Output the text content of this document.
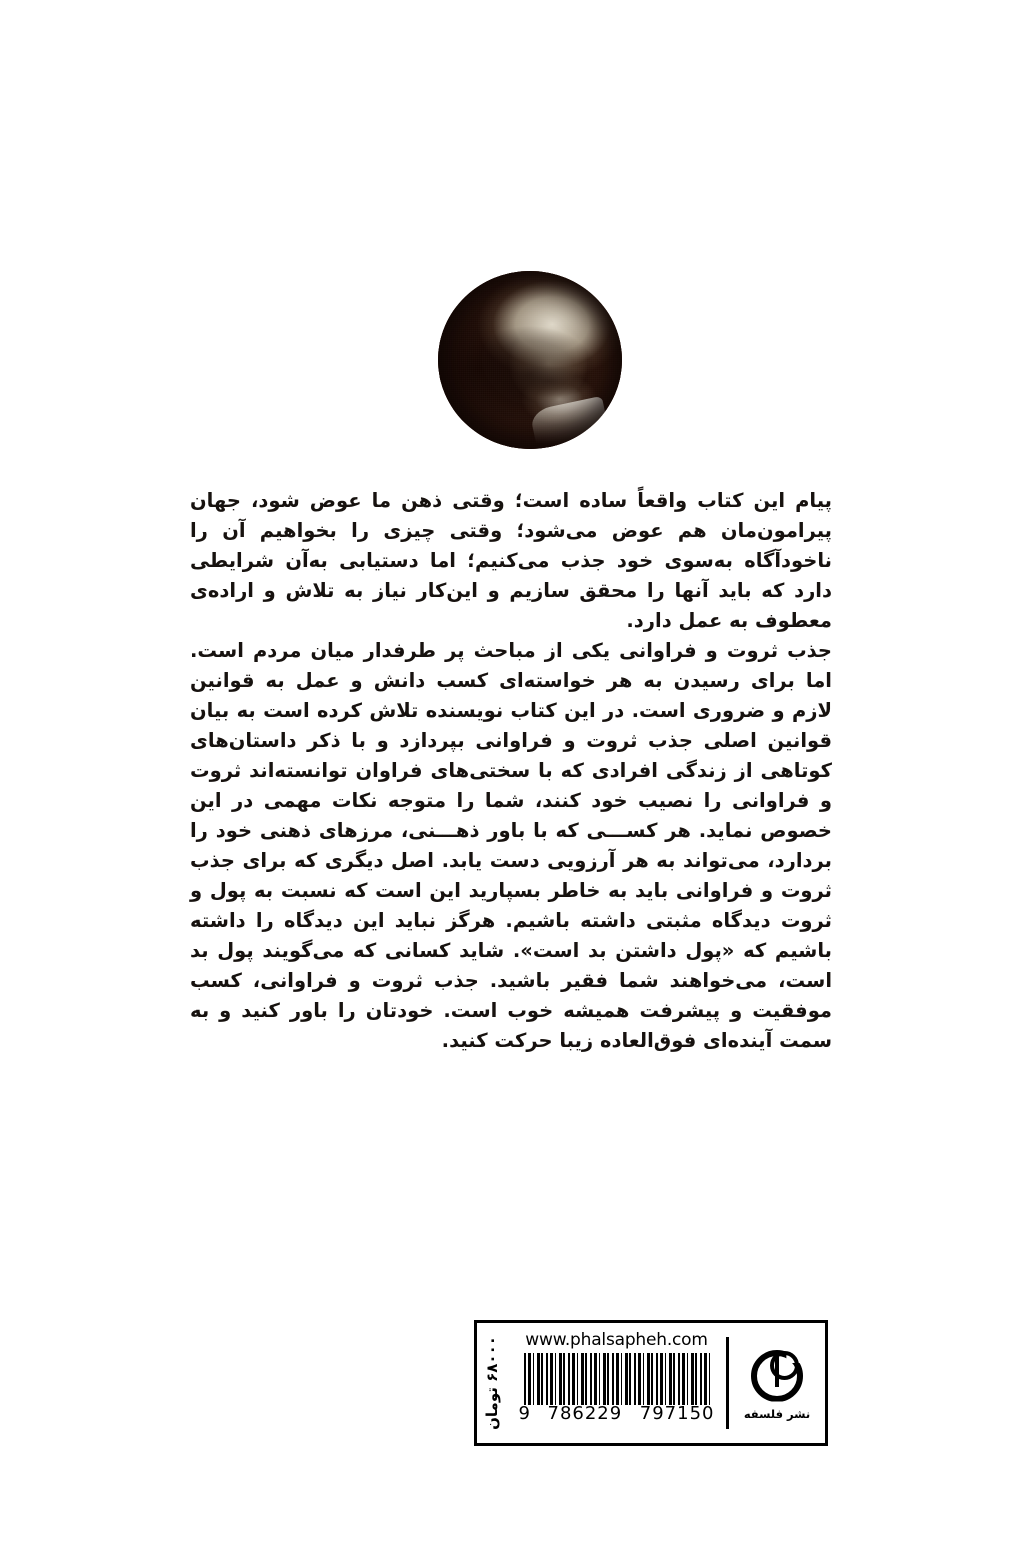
پیام این کتاب واقعاً ساده است؛ وقتی ذهن ما عوض شود، جهان پیرامون‌مان هم عوض می‌شود؛ وقتی چیزی را بخواهیم آن را ناخودآگاه به‌سوی خود جذب می‌کنیم؛ اما دستیابی به‌آن شرایطی دارد که باید آنها را محقق سازیم و این‌کار نیاز به تلاش و اراده‌ی معطوف به عمل دارد.

جذب ثروت و فراوانی یکی از مباحث پر طرفدار میان مردم است. اما برای رسیدن به هر خواسته‌ای کسب دانش و عمل به قوانین لازم و ضروری است. در این کتاب نویسنده تلاش کرده است به بیان قوانین اصلی جذب ثروت و فراوانی بپردازد و با ذکر داستان‌های کوتاهی از زندگی افرادی که با سختی‌های فراوان توانسته‌اند ثروت و فراوانی را نصیب خود کنند، شما را متوجه نکات مهمی در این خصوص نماید. هر کســـی که با باور ذهـــنی، مرزهای ذهنی خود را بردارد، می‌تواند به هر آرزویی دست یابد. اصل دیگری که برای جذب ثروت و فراوانی باید به خاطر بسپارید این است که نسبت به پول و ثروت دیدگاه مثبتی داشته باشیم. هرگز نباید این دیدگاه را داشته باشیم که «پول داشتن بد است». شاید کسانی که می‌گویند پول بد است، می‌خواهند شما فقیر باشید. جذب ثروت و فراوانی، کسب موفقیت و پیشرفت همیشه خوب است. خودتان را باور کنید و به سمت آینده‌ای فوق‌العاده زیبا حرکت کنید.

نشر فلسفه
www.phalsapheh.com
9 786229 797150
۶۸۰۰۰ تومان
